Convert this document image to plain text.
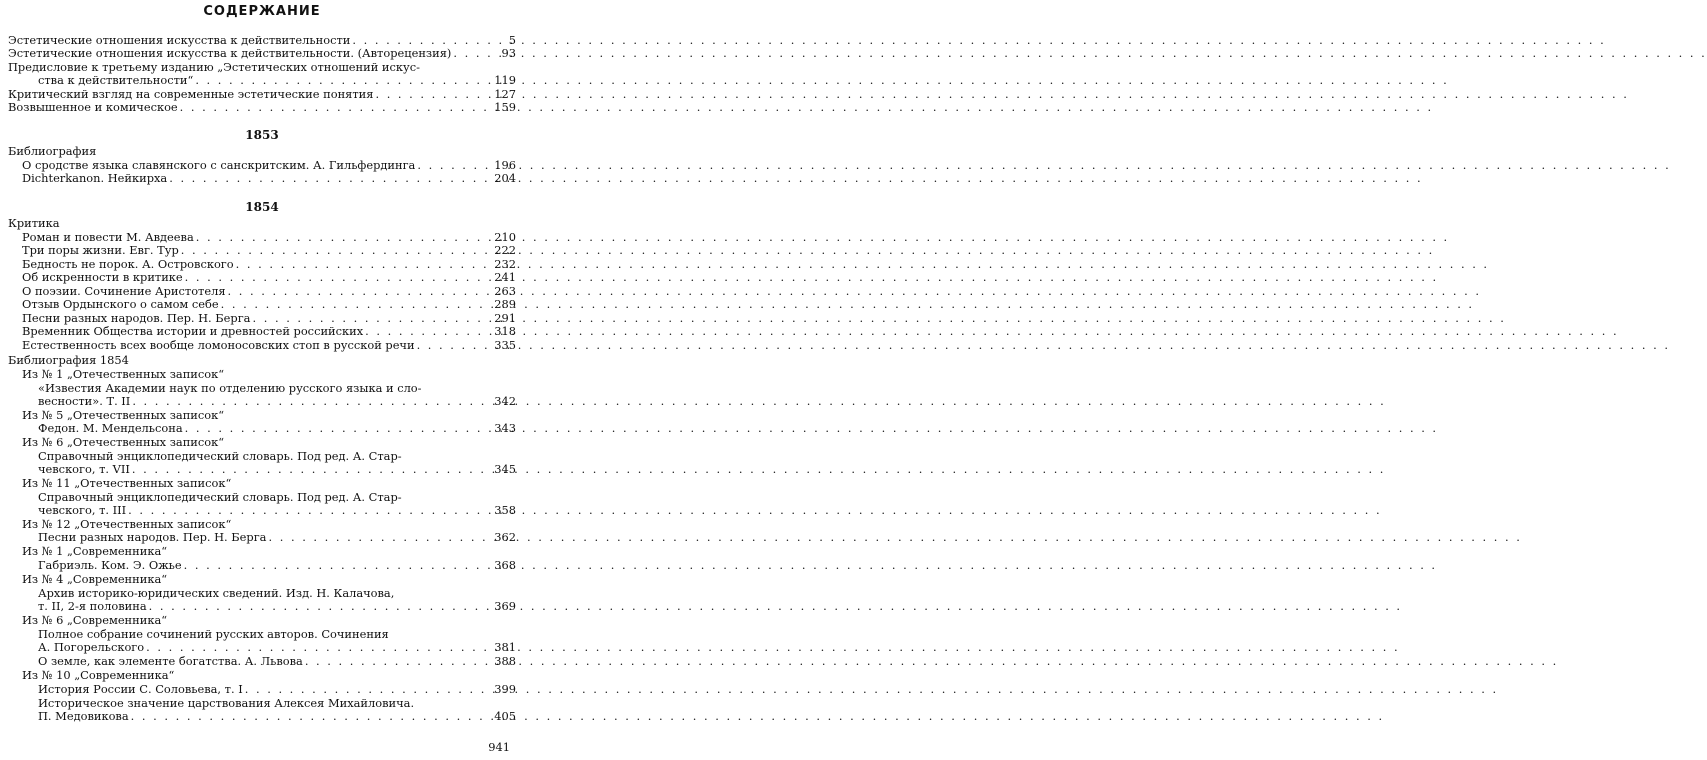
СОДЕРЖАНИЕ
Эстетические отношения искусства к действительности . . .	5
Эстетические отношения искусства к действительности. (Авторецензия) . . .	93
Предисловие к третьему изданию „Эстетических отношений искус-
ства к действительности“ . . .	119
Критический взгляд на современные эстетические понятия . . .	127
Возвышенное и комическое . . .	159
1853
Библиография
О сродстве языка славянского с санскритским. А. Гильфердинга . . .	196
Dichterkanon. Нейкирха . . .	204
1854
Критика
Роман и повести М. Авдеева . . .	210
Три поры жизни. Евг. Тур . . .	222
Бедность не порок. А. Островского . . .	232
Об искренности в критике . . .	241
О поэзии. Сочинение Аристотеля . . .	263
Отзыв Ордынского о самом себе . . .	289
Песни разных народов. Пер. Н. Берга . . .	291
Временник Общества истории и древностей российских . . .	318
Естественность всех вообще ломоносовских стоп в русской речи . . .	335
Библиография 1854
Из № 1 „Отечественных записок“
«Известия Академии наук по отделению русского языка и сло-
весности». Т. II . . .	342
Из № 5 „Отечественных записок“
Федон. М. Мендельсона . . .	343
Из № 6 „Отечественных записок“
Справочный энциклопедический словарь. Под ред. А. Стар-
чевского, т. VII . . .	345
Из № 11 „Отечественных записок“
Справочный энциклопедический словарь. Под ред. А. Стар-
чевского, т. III . . .	358
Из № 12 „Отечественных записок“
Песни разных народов. Пер. Н. Берга . . .	362
Из № 1 „Современника“
Габриэль. Ком. Э. Ожье . . .	368
Из № 4 „Современника“
Архив историко-юридических сведений. Изд. Н. Калачова,
т. II, 2-я половина . . .	369
Из № 6 „Современника“
Полное собрание сочинений русских авторов. Сочинения
А. Погорельского . . .	381
О земле, как элементе богатства. А. Львова . . .	388
Из № 10 „Современника“
История России С. Соловьева, т. I . . .	399
Историческое значение царствования Алексея Михайловича.
П. Медовикова . . .	405
941
